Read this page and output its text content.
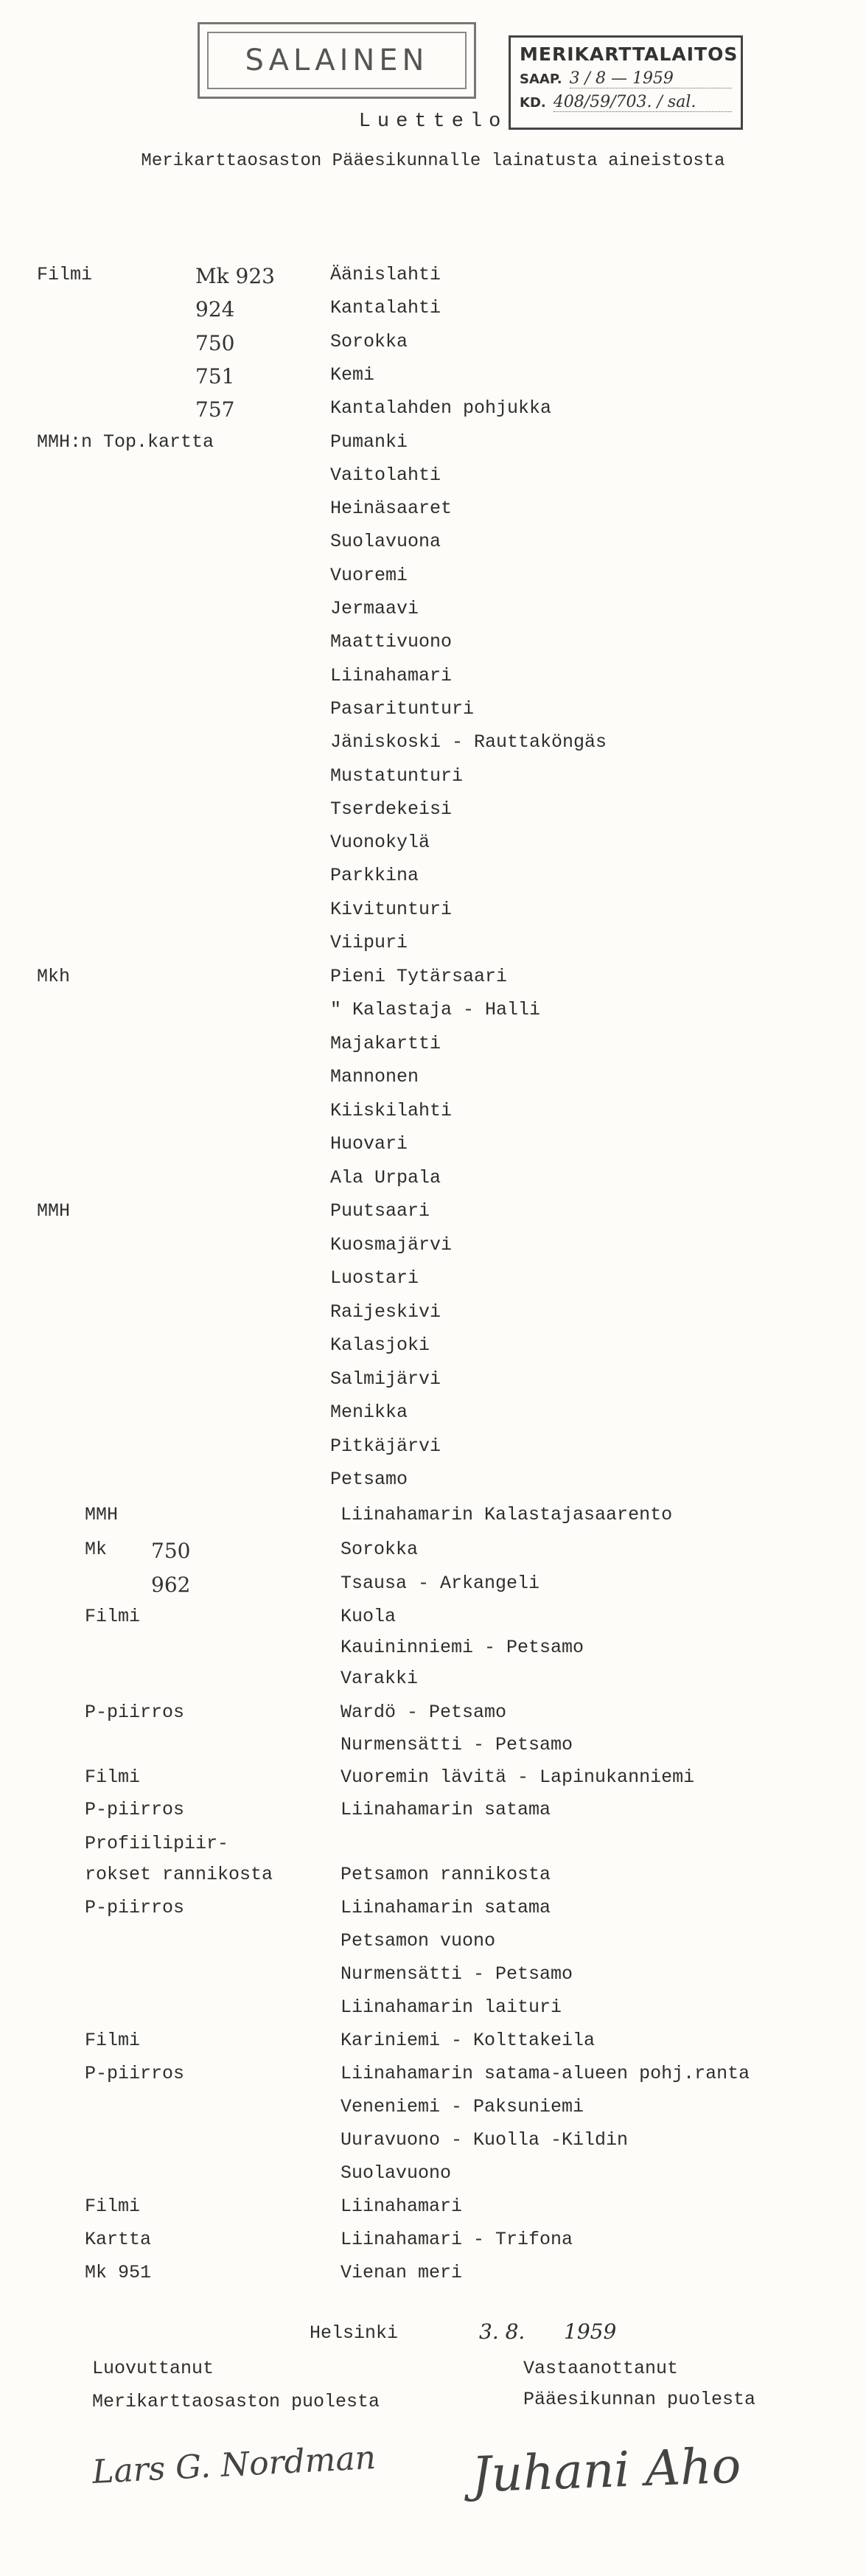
SALAINEN	MERIKARTTALAITOS
SAAP. 3 / 8 — 1959
KD. 408/59/703. / sal.
Luettelo
Merikarttaosaston Pääesikunnalle lainatusta aineistosta
Filmi	Mk 923	Äänislahti
924	Kantalahti
750	Sorokka
751	Kemi
757	Kantalahden pohjukka
MMH:n Top.kartta	Pumanki
Vaitolahti
Heinäsaaret
Suolavuona
Vuoremi
Jermaavi
Maattivuono
Liinahamari
Pasaritunturi
Jäniskoski - Rauttaköngäs
Mustatunturi
Tserdekeisi
Vuonokylä
Parkkina
Kivitunturi
Viipuri
Mkh	Pieni Tytärsaari
" Kalastaja - Halli
Majakartti
Mannonen
Kiiskilahti
Huovari
Ala Urpala
MMH	Puutsaari
Kuosmajärvi
Luostari
Raijeskivi
Kalasjoki
Salmijärvi
Menikka
Pitkäjärvi
Petsamo
MMH	Liinahamarin Kalastajasaarento
Mk 750	Sorokka
962	Tsausa - Arkangeli
Filmi	Kuola
Kauininniemi - Petsamo
Varakki
P-piirros	Wardö - Petsamo
Nurmensätti - Petsamo
Filmi	Vuoremin lävitä - Lapinukanniemi
P-piirros	Liinahamarin satama
Profiilipiir-
rokset rannikosta	Petsamon rannikosta
P-piirros	Liinahamarin satama
Petsamon vuono
Nurmensätti - Petsamo
Liinahamarin laituri
Filmi	Kariniemi - Kolttakeila
P-piirros	Liinahamarin satama-alueen pohj.ranta
Veneniemi - Paksuniemi
Uuravuono - Kuolla -Kildin
Suolavuono
Filmi	Liinahamari
Kartta	Liinahamari - Trifona
Mk 951	Vienan meri
Helsinki	3. 8. 1959
Luovuttanut
Merikarttaosaston puolesta
Vastaanottanut
Pääesikunnan puolesta
Lars G. Nordman Juhani Aho
